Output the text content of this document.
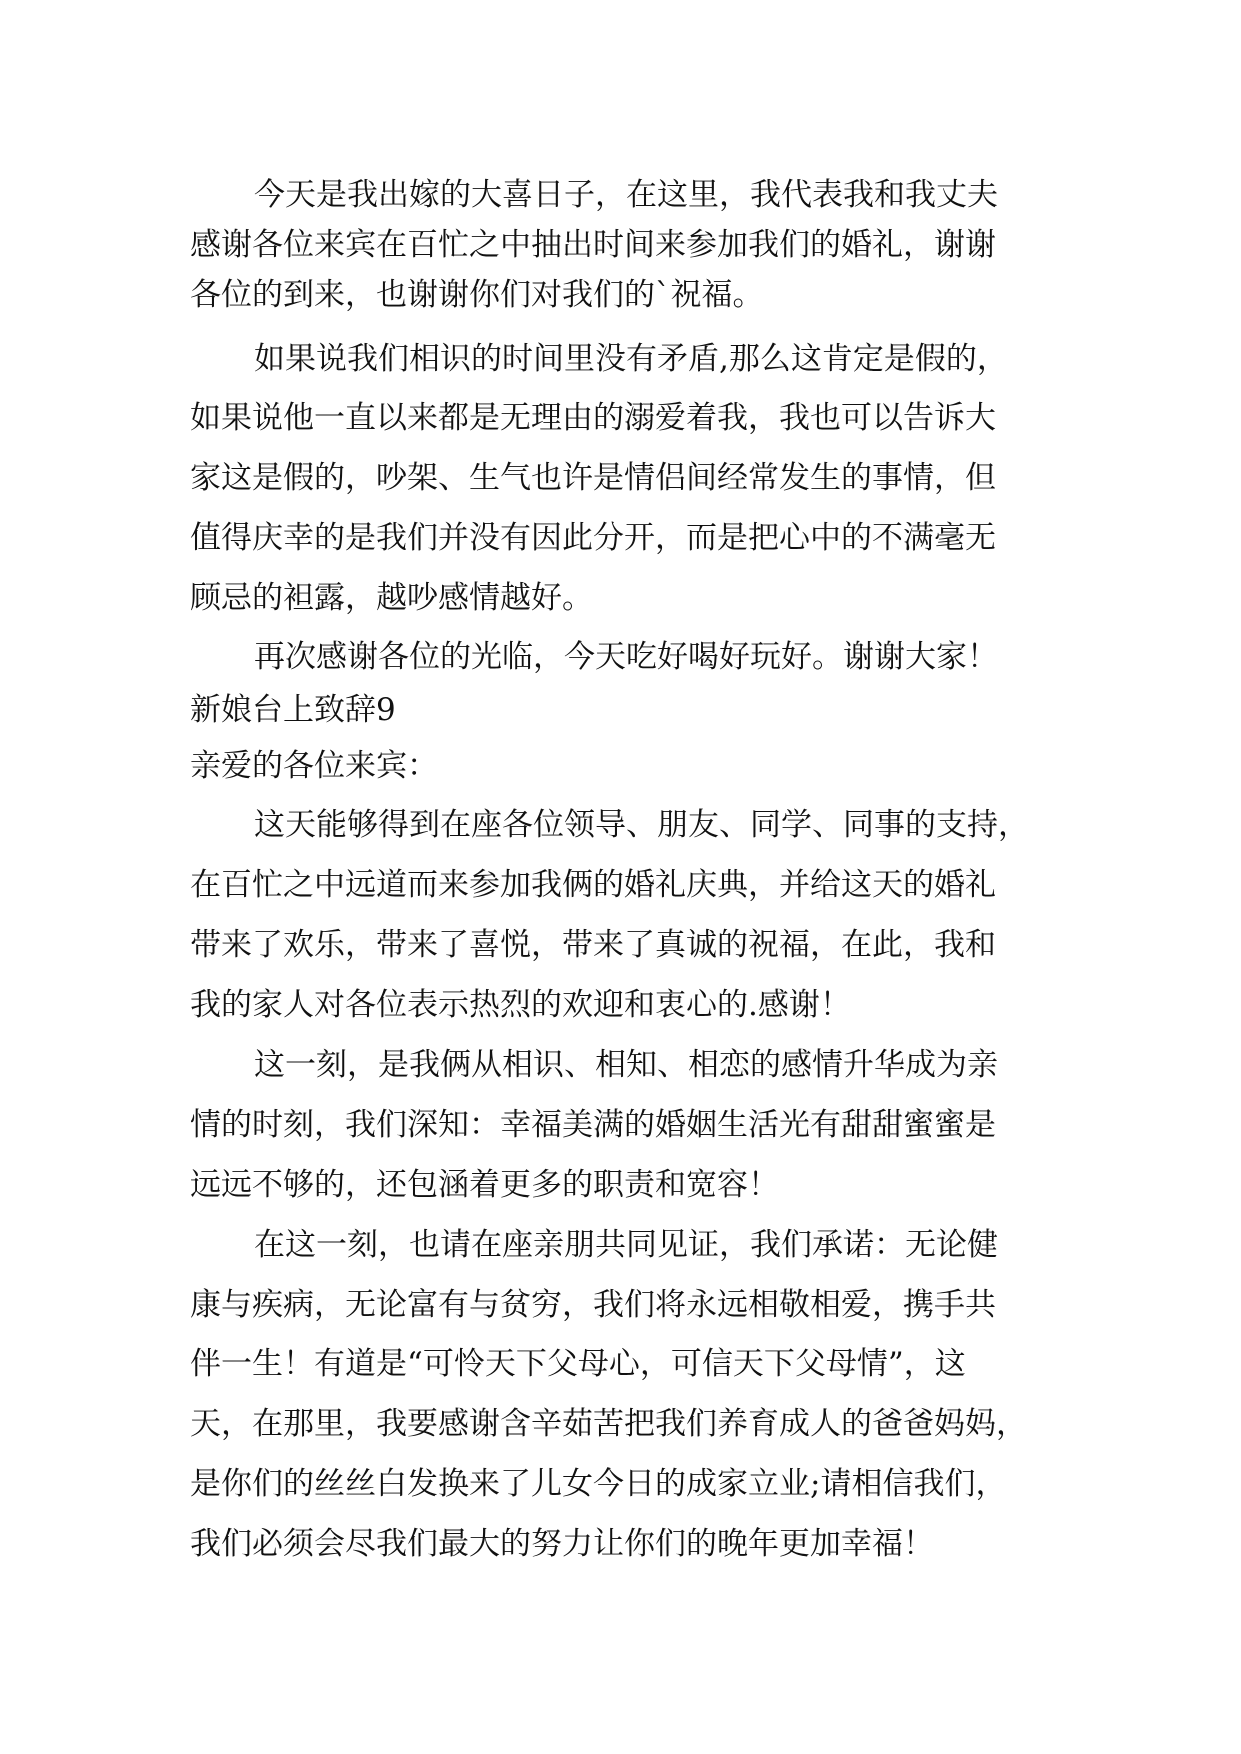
今天是我出嫁的大喜日子，在这里，我代表我和我丈夫
感谢各位来宾在百忙之中抽出时间来参加我们的婚礼，谢谢
各位的到来，也谢谢你们对我们的`祝福。
如果说我们相识的时间里没有矛盾,那么这肯定是假的，
如果说他一直以来都是无理由的溺爱着我，我也可以告诉大
家这是假的，吵架、生气也许是情侣间经常发生的事情，但
值得庆幸的是我们并没有因此分开，而是把心中的不满毫无
顾忌的袒露，越吵感情越好。
再次感谢各位的光临，今天吃好喝好玩好。谢谢大家！
新娘台上致辞9
亲爱的各位来宾：
这天能够得到在座各位领导、朋友、同学、同事的支持，
在百忙之中远道而来参加我俩的婚礼庆典，并给这天的婚礼
带来了欢乐，带来了喜悦，带来了真诚的祝福，在此，我和
我的家人对各位表示热烈的欢迎和衷心的.感谢！
这一刻，是我俩从相识、相知、相恋的感情升华成为亲
情的时刻，我们深知：幸福美满的婚姻生活光有甜甜蜜蜜是
远远不够的，还包涵着更多的职责和宽容！
在这一刻，也请在座亲朋共同见证，我们承诺：无论健
康与疾病，无论富有与贫穷，我们将永远相敬相爱，携手共
伴一生！有道是“可怜天下父母心，可信天下父母情”，这
天，在那里，我要感谢含辛茹苦把我们养育成人的爸爸妈妈，
是你们的丝丝白发换来了儿女今日的成家立业;请相信我们，
我们必须会尽我们最大的努力让你们的晚年更加幸福！
